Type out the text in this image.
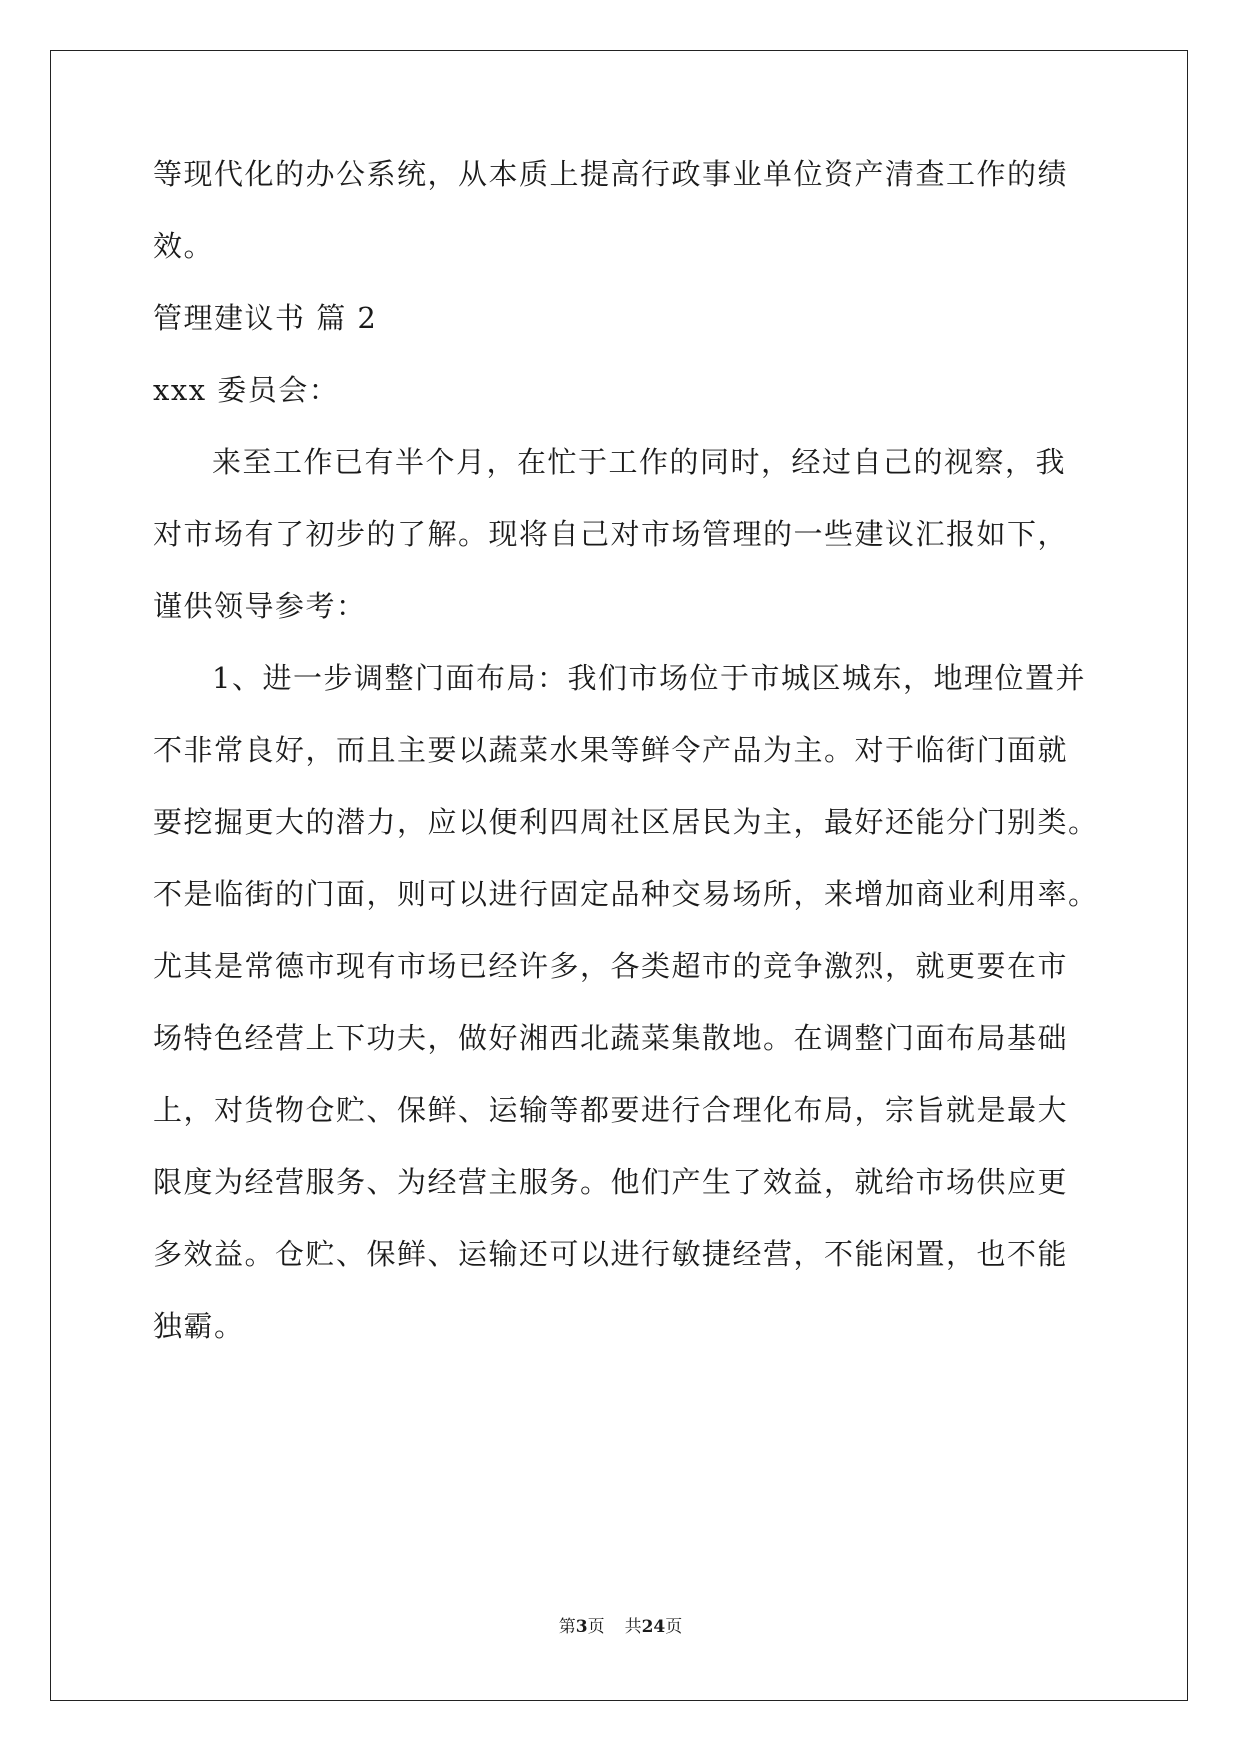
等现代化的办公系统，从本质上提高行政事业单位资产清查工作的绩
效。
管理建议书 篇 2
xxx 委员会：
来至工作已有半个月，在忙于工作的同时，经过自己的视察，我
对市场有了初步的了解。现将自己对市场管理的一些建议汇报如下，
谨供领导参考：
1、进一步调整门面布局：我们市场位于市城区城东，地理位置并
不非常良好，而且主要以蔬菜水果等鲜令产品为主。对于临街门面就
要挖掘更大的潜力，应以便利四周社区居民为主，最好还能分门别类。
不是临街的门面，则可以进行固定品种交易场所，来增加商业利用率。
尤其是常德市现有市场已经许多，各类超市的竞争激烈，就更要在市
场特色经营上下功夫，做好湘西北蔬菜集散地。在调整门面布局基础
上，对货物仓贮、保鲜、运输等都要进行合理化布局，宗旨就是最大
限度为经营服务、为经营主服务。他们产生了效益，就给市场供应更
多效益。仓贮、保鲜、运输还可以进行敏捷经营，不能闲置，也不能
独霸。
第3页 共24页
